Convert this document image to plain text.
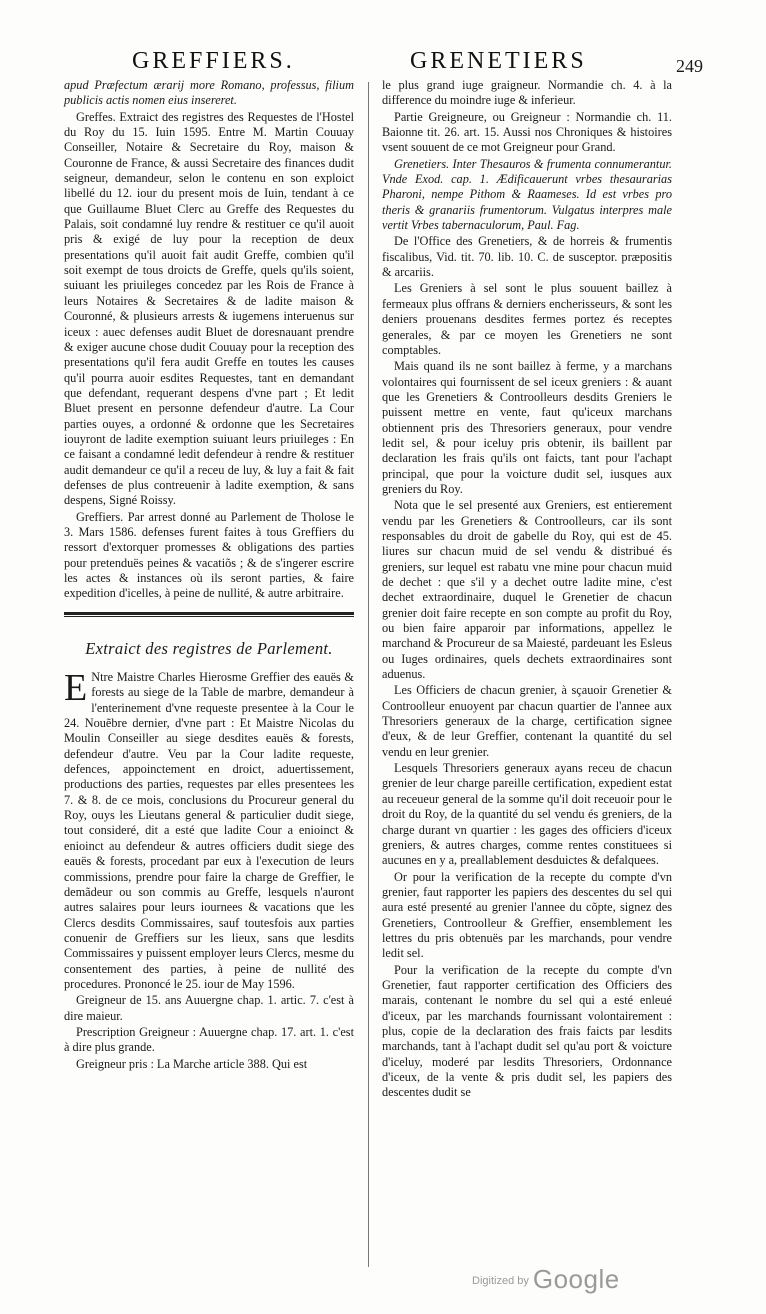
GREFFIERS.	GRENETIERS	249

apud Præfectum ærarij more Romano, professus, filium publicis actis nomen eius insereret.

Greffes. Extraict des registres des Requestes de l'Hostel du Roy du 15. Iuin 1595. Entre M. Martin Couuay Conseiller, Notaire & Secretaire du Roy, maison & Couronne de France, & aussi Secretaire des finances dudit seigneur, demandeur, selon le contenu en son exploict libellé du 12. iour du present mois de Iuin, tendant à ce que Guillaume Bluet Clerc au Greffe des Requestes du Palais, soit condamné luy rendre & restituer ce qu'il auoit pris & exigé de luy pour la reception de deux presentations qu'il auoit fait audit Greffe, combien qu'il soit exempt de tous droicts de Greffe, quels qu'ils soient, suiuant les priuileges concedez par les Rois de France à leurs Notaires & Secretaires & de ladite maison & Couronné, & plusieurs arrests & iugemens interuenus sur iceux : auec defenses audit Bluet de doresnauant prendre & exiger aucune chose dudit Couuay pour la reception des presentations qu'il fera audit Greffe en toutes les causes qu'il pourra auoir esdites Requestes, tant en demandant que defendant, requerant despens d'vne part ; Et ledit Bluet present en personne defendeur d'autre. La Cour parties ouyes, a ordonné & ordonne que les Secretaires iouyront de ladite exemption suiuant leurs priuileges : En ce faisant a condamné ledit defendeur à rendre & restituer audit demandeur ce qu'il a receu de luy, & luy a fait & fait defenses de plus contreuenir à ladite exemption, & sans despens, Signé Roissy.

Greffiers. Par arrest donné au Parlement de Tholose le 3. Mars 1586. defenses furent faites à tous Greffiers du ressort d'extorquer promesses & obligations des parties pour pretenduës peines & vacatiõs ; & de s'ingerer escrire les actes & instances où ils seront parties, & faire expedition d'icelles, à peine de nullité, & autre arbitraire.

Extraict des registres de Parlement.

E Ntre Maistre Charles Hierosme Greffier des eauës & forests au siege de la Table de marbre, demandeur à l'enterinement d'vne requeste presentee à la Cour le 24. Nouẽbre dernier, d'vne part : Et Maistre Nicolas du Moulin Conseiller au siege desdites eauës & forests, defendeur d'autre. Veu par la Cour ladite requeste, defences, appoinctement en droict, aduertissement, productions des parties, requestes par elles presentees les 7. & 8. de ce mois, conclusions du Procureur general du Roy, ouys les Lieutans general & particulier dudit siege, tout consideré, dit a esté que ladite Cour a enioinct & enioinct au defendeur & autres officiers dudit siege des eauës & forests, procedant par eux à l'execution de leurs commissions, prendre pour faire la charge de Greffier, le demãdeur ou son commis au Greffe, lesquels n'auront autres salaires pour leurs iournees & vacations que les Clercs desdits Commissaires, sauf toutesfois aux parties conuenir de Greffiers sur les lieux, sans que lesdits Commissaires y puissent employer leurs Clercs, mesme du consentement des parties, à peine de nullité des procedures. Prononcé le 25. iour de May 1596.

Greigneur de 15. ans Auuergne chap. 1. artic. 7. c'est à dire maieur.

Prescription Greigneur : Auuergne chap. 17. art. 1. c'est à dire plus grande.

Greigneur pris : La Marche article 388. Qui est

le plus grand iuge graigneur. Normandie ch. 4. à la difference du moindre iuge & inferieur.

Partie Greigneure, ou Greigneur : Normandie ch. 11. Baionne tit. 26. art. 15. Aussi nos Chroniques & histoires vsent souuent de ce mot Greigneur pour Grand.

Grenetiers. Inter Thesauros & frumenta connumerantur. Vnde Exod. cap. 1. Ædificauerunt vrbes thesaurarias Pharoni, nempe Pithom & Raameses. Id est vrbes pro theris & granariis frumentorum. Vulgatus interpres male vertit Vrbes tabernaculorum, Paul. Fag.

De l'Office des Grenetiers, & de horreis & frumentis fiscalibus, Vid. tit. 70. lib. 10. C. de susceptor. præpositis & arcariis.

Les Greniers à sel sont le plus souuent baillez à fermeaux plus offrans & derniers encherisseurs, & sont les deniers prouenans desdites fermes portez és receptes generales, & par ce moyen les Grenetiers ne sont comptables.

Mais quand ils ne sont baillez à ferme, y a marchans volontaires qui fournissent de sel iceux greniers : & auant que les Grenetiers & Controolleurs desdits Greniers le puissent mettre en vente, faut qu'iceux marchans obtiennent pris des Thresoriers generaux, pour vendre ledit sel, & pour iceluy pris obtenir, ils baillent par declaration les frais qu'ils ont faicts, tant pour l'achapt principal, que pour la voicture dudit sel, iusques aux greniers du Roy.

Nota que le sel presenté aux Greniers, est entierement vendu par les Grenetiers & Controolleurs, car ils sont responsables du droit de gabelle du Roy, qui est de 45. liures sur chacun muid de sel vendu & distribué és greniers, sur lequel est rabatu vne mine pour chacun muid de dechet : que s'il y a dechet outre ladite mine, c'est dechet extraordinaire, duquel le Grenetier de chacun grenier doit faire recepte en son compte au profit du Roy, ou bien faire apparoir par informations, appellez le marchand & Procureur de sa Maiesté, pardeuant les Esleus ou Iuges ordinaires, quels dechets extraordinaires sont aduenus.

Les Officiers de chacun grenier, à sçauoir Grenetier & Controolleur enuoyent par chacun quartier de l'annee aux Thresoriers generaux de la charge, certification signee d'eux, & de leur Greffier, contenant la quantité du sel vendu en leur grenier.

Lesquels Thresoriers generaux ayans receu de chacun grenier de leur charge pareille certification, expedient estat au receueur general de la somme qu'il doit receuoir pour le droit du Roy, de la quantité du sel vendu és greniers, de la charge durant vn quartier : les gages des officiers d'iceux greniers, & autres charges, comme rentes constituees si aucunes en y a, preallablement desduictes & defalquees.

Or pour la verification de la recepte du compte d'vn grenier, faut rapporter les papiers des descentes du sel qui aura esté presenté au grenier l'annee du cõpte, signez des Grenetiers, Controolleur & Greffier, ensemblement les lettres du pris obtenuës par les marchands, pour vendre ledit sel.

Pour la verification de la recepte du compte d'vn Grenetier, faut rapporter certification des Officiers des marais, contenant le nombre du sel qui a esté enleué d'iceux, par les marchands fournissant volontairement : plus, copie de la declaration des frais faicts par lesdits marchands, tant à l'achapt dudit sel qu'au port & voicture d'iceluy, moderé par lesdits Thresoriers, Ordonnance d'iceux, de la vente & pris dudit sel, les papiers des descentes dudit se

$^{Digitized by}$ Google
